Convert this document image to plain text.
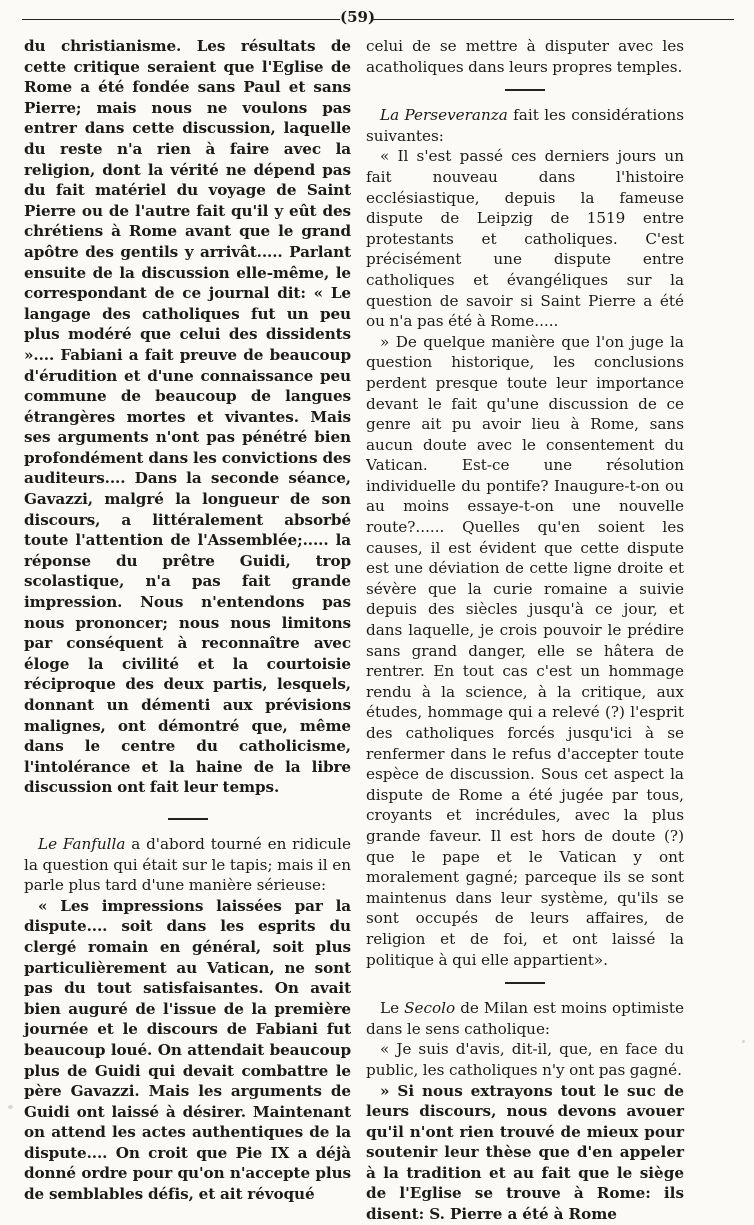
(59)

du christianisme. Les résultats de cette critique seraient que l'Eglise de Rome a été fondée sans Paul et sans Pierre; mais nous ne voulons pas entrer dans cette discussion, laquelle du reste n'a rien à faire avec la religion, dont la vérité ne dépend pas du fait matériel du voyage de Saint Pierre ou de l'autre fait qu'il y eût des chrétiens à Rome avant que le grand apôtre des gentils y arrivât..... Parlant ensuite de la discussion elle-même, le correspondant de ce journal dit: « Le langage des catholiques fut un peu plus modéré que celui des dissidents ».... Fabiani a fait preuve de beaucoup d'érudition et d'une connaissance peu commune de beaucoup de langues étrangères mortes et vivantes. Mais ses arguments n'ont pas pénétré bien profondément dans les convictions des auditeurs.... Dans la seconde séance, Gavazzi, malgré la longueur de son discours, a littéralement absorbé toute l'attention de l'Assemblée;..... la réponse du prêtre Guidi, trop scolastique, n'a pas fait grande impression. Nous n'entendons pas nous prononcer; nous nous limitons par conséquent à reconnaître avec éloge la civilité et la courtoisie réciproque des deux partis, lesquels, donnant un démenti aux prévisions malignes, ont démontré que, même dans le centre du catholicisme, l'intolérance et la haine de la libre discussion ont fait leur temps.

Le Fanfulla a d'abord tourné en ridicule la question qui était sur le tapis; mais il en parle plus tard d'une manière sérieuse:

« Les impressions laissées par la dispute.... soit dans les esprits du clergé romain en général, soit plus particulièrement au Vatican, ne sont pas du tout satisfaisantes. On avait bien auguré de l'issue de la première journée et le discours de Fabiani fut beaucoup loué. On attendait beaucoup plus de Guidi qui devait combattre le père Gavazzi. Mais les arguments de Guidi ont laissé à désirer. Maintenant on attend les actes authentiques de la dispute.... On croit que Pie IX a déjà donné ordre pour qu'on n'accepte plus de semblables défis, et ait révoqué

celui de se mettre à disputer avec les acatholiques dans leurs propres temples.

La Perseveranza fait les considérations suivantes:

« Il s'est passé ces derniers jours un fait nouveau dans l'histoire ecclésiastique, depuis la fameuse dispute de Leipzig de 1519 entre protestants et catholiques. C'est précisément une dispute entre catholiques et évangéliques sur la question de savoir si Saint Pierre a été ou n'a pas été à Rome.....

» De quelque manière que l'on juge la question historique, les conclusions perdent presque toute leur importance devant le fait qu'une discussion de ce genre ait pu avoir lieu à Rome, sans aucun doute avec le consentement du Vatican. Est-ce une résolution individuelle du pontife? Inaugure-t-on ou au moins essaye-t-on une nouvelle route?...... Quelles qu'en soient les causes, il est évident que cette dispute est une déviation de cette ligne droite et sévère que la curie romaine a suivie depuis des siècles jusqu'à ce jour, et dans laquelle, je crois pouvoir le prédire sans grand danger, elle se hâtera de rentrer. En tout cas c'est un hommage rendu à la science, à la critique, aux études, hommage qui a relevé (?) l'esprit des catholiques forcés jusqu'ici à se renfermer dans le refus d'accepter toute espèce de discussion. Sous cet aspect la dispute de Rome a été jugée par tous, croyants et incrédules, avec la plus grande faveur. Il est hors de doute (?) que le pape et le Vatican y ont moralement gagné; parceque ils se sont maintenus dans leur système, qu'ils se sont occupés de leurs affaires, de religion et de foi, et ont laissé la politique à qui elle appartient».

Le Secolo de Milan est moins optimiste dans le sens catholique:

« Je suis d'avis, dit-il, que, en face du public, les catholiques n'y ont pas gagné.

» Si nous extrayons tout le suc de leurs discours, nous devons avouer qu'il n'ont rien trouvé de mieux pour soutenir leur thèse que d'en appeler à la tradition et au fait que le siège de l'Eglise se trouve à Rome: ils disent: S. Pierre a été à Rome
